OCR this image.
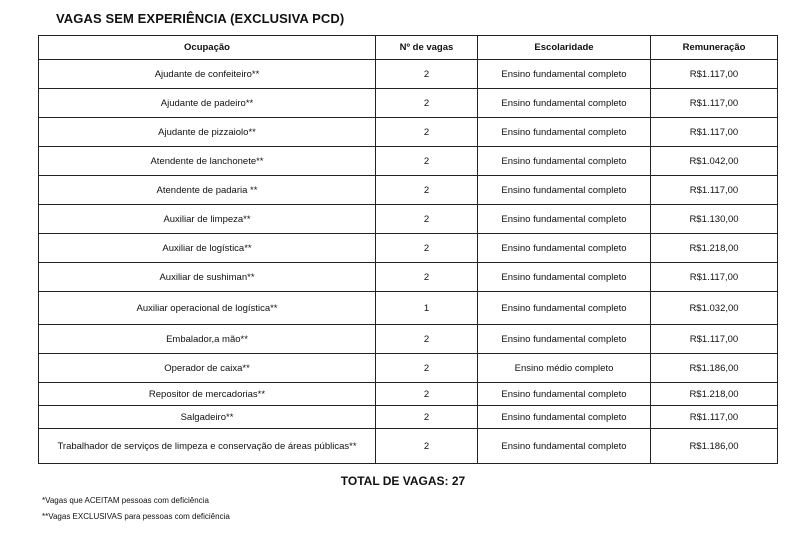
VAGAS SEM EXPERIÊNCIA (EXCLUSIVA PCD)
Ocupação	Nº de vagas	Escolaridade	Remuneração
Ajudante de confeiteiro**	2	Ensino fundamental completo	R$1.117,00
Ajudante de padeiro**	2	Ensino fundamental completo	R$1.117,00
Ajudante de pizzaiolo**	2	Ensino fundamental completo	R$1.117,00
Atendente de lanchonete**	2	Ensino fundamental completo	R$1.042,00
Atendente de padaria **	2	Ensino fundamental completo	R$1.117,00
Auxiliar de limpeza**	2	Ensino fundamental completo	R$1.130,00
Auxiliar de logística**	2	Ensino fundamental completo	R$1.218,00
Auxiliar de sushiman**	2	Ensino fundamental completo	R$1.117,00
Auxiliar operacional de logística**	1	Ensino fundamental completo	R$1.032,00
Embalador,a mão**	2	Ensino fundamental completo	R$1.117,00
Operador de caixa**	2	Ensino médio completo	R$1.186,00
Repositor de mercadorias**	2	Ensino fundamental completo	R$1.218,00
Salgadeiro**	2	Ensino fundamental completo	R$1.117,00
Trabalhador de serviços de limpeza e conservação de áreas públicas**	2	Ensino fundamental completo	R$1.186,00
TOTAL DE VAGAS: 27
*Vagas que ACEITAM pessoas com deficiência
**Vagas EXCLUSIVAS para pessoas com deficiência
